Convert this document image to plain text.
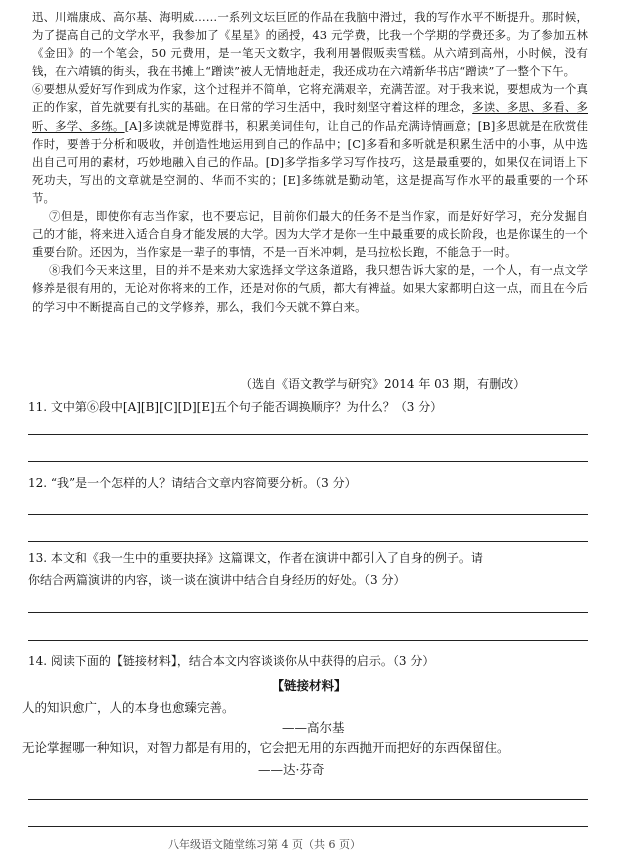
迅、川端康成、高尔基、海明威……一系列文坛巨匠的作品在我脑中滑过，我的写作水平不断提升。那时候，为了提高自己的文学水平，我参加了《星星》的函授，43 元学费，比我一个学期的学费还多。为了参加五林《金田》的一个笔会，50 元费用，是一笔天文数字，我利用暑假贩卖雪糕。从六靖到高州，小时候，没有钱，在六靖镇的街头，我在书摊上“蹭读”被人无情地赶走，我还成功在六靖新华书店“蹭读”了一整个下午。

⑥要想从爱好写作到成为作家，这个过程并不简单，它将充满艰辛，充满苦涩。对于我来说，要想成为一个真正的作家，首先就要有扎实的基础。在日常的学习生活中，我时刻坚守着这样的理念，多读、多思、多看、多听、多学、多练。[A]多读就是博览群书，积累美词佳句，让自己的作品充满诗情画意；[B]多思就是在欣赏佳作时，要善于分析和吸收，并创造性地运用到自己的作品中；[C]多看和多听就是积累生活中的小事，从中选出自己可用的素材，巧妙地融入自己的作品。[D]多学指多学习写作技巧，这是最重要的，如果仅在词语上下死功夫，写出的文章就是空洞的、华而不实的；[E]多练就是勤动笔，这是提高写作水平的最重要的一个环节。

⑦但是，即使你有志当作家，也不要忘记，目前你们最大的任务不是当作家，而是好好学习，充分发掘自己的才能，将来进入适合自身才能发展的大学。因为大学才是你一生中最重要的成长阶段，也是你谋生的一个重要台阶。还因为，当作家是一辈子的事情，不是一百米冲刺，是马拉松长跑，不能急于一时。

⑧我们今天来这里，目的并不是来劝大家选择文学这条道路，我只想告诉大家的是，一个人，有一点文学修养是很有用的，无论对你将来的工作，还是对你的气质，都大有裨益。如果大家都明白这一点，而且在今后的学习中不断提高自己的文学修养，那么，我们今天就不算白来。

（选自《语文教学与研究》2014 年 03 期，有删改）
11. 文中第⑥段中[A][B][C][D][E]五个句子能否调换顺序？为什么？（3 分）
12. “我”是一个怎样的人？请结合文章内容简要分析。（3 分）
13. 本文和《我一生中的重要抉择》这篇课文，作者在演讲中都引入了自身的例子。请
你结合两篇演讲的内容，谈一谈在演讲中结合自身经历的好处。（3 分）
14. 阅读下面的【链接材料】，结合本文内容谈谈你从中获得的启示。（3 分）
【链接材料】
人的知识愈广，人的本身也愈臻完善。
——高尔基
无论掌握哪一种知识，对智力都是有用的，它会把无用的东西抛开而把好的东西保留住。
——达·芬奇
八年级语文随堂练习第 4 页（共 6 页）
